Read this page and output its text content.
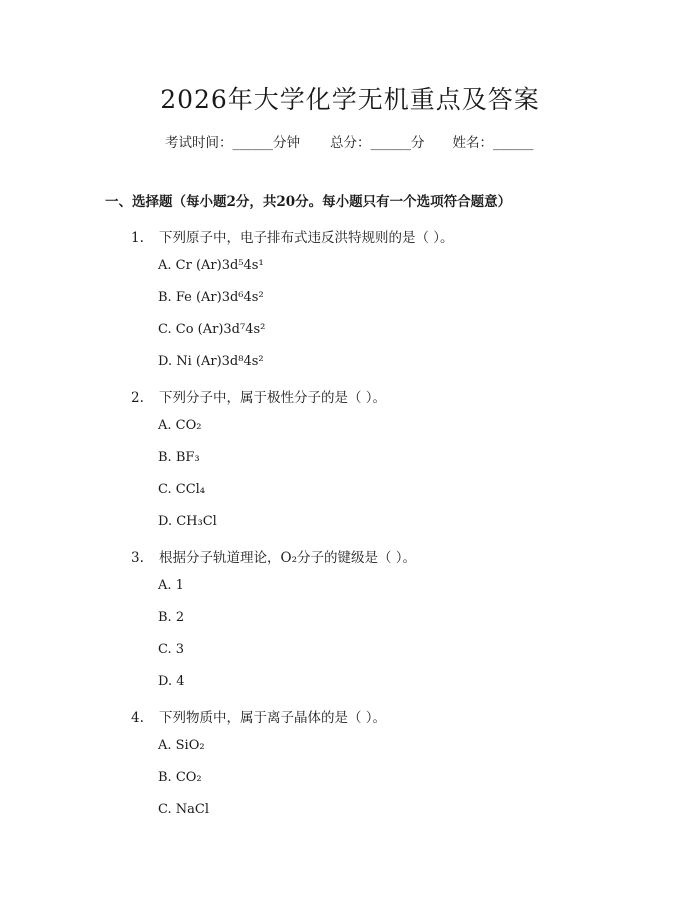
2026年大学化学无机重点及答案
考试时间：______分钟 总分：______分 姓名：______
一、选择题（每小题2分，共20分。每小题只有一个选项符合题意）
1. 下列原子中，电子排布式违反洪特规则的是（ ）。
A. Cr (Ar)3d⁵4s¹
B. Fe (Ar)3d⁶4s²
C. Co (Ar)3d⁷4s²
D. Ni (Ar)3d⁸4s²
2. 下列分子中，属于极性分子的是（ ）。
A. CO₂
B. BF₃
C. CCl₄
D. CH₃Cl
3. 根据分子轨道理论，O₂分子的键级是（ ）。
A. 1
B. 2
C. 3
D. 4
4. 下列物质中，属于离子晶体的是（ ）。
A. SiO₂
B. CO₂
C. NaCl
